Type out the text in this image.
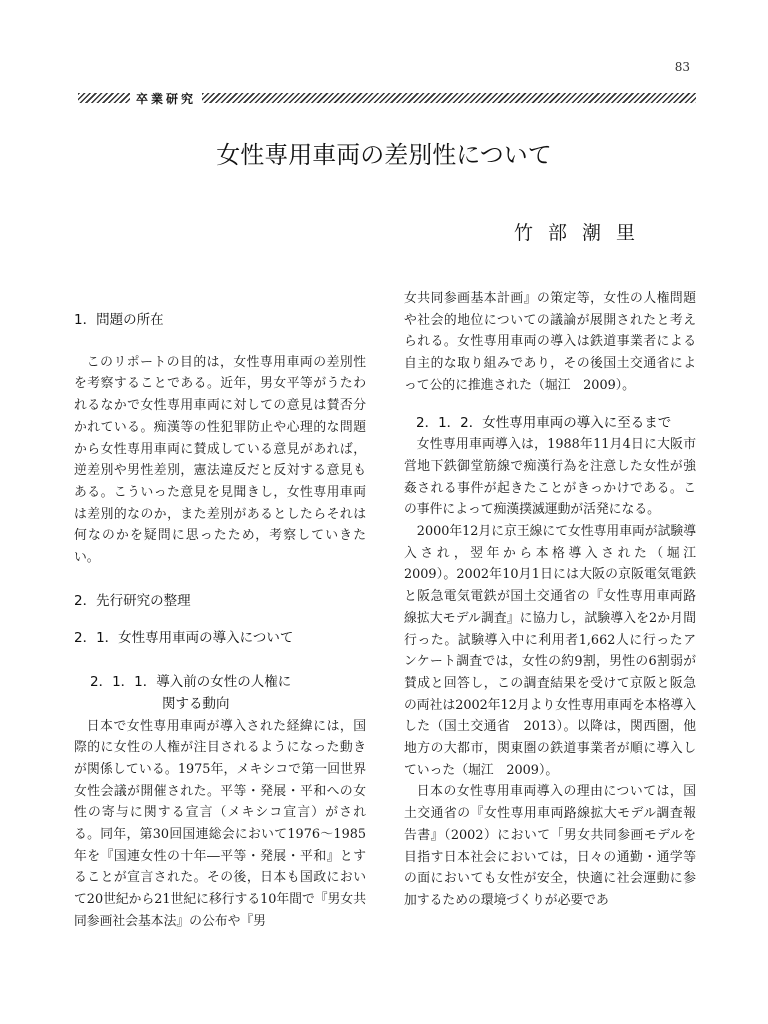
83
卒業研究
女性専用車両の差別性について
竹部潮里
1．問題の所在

このリポートの目的は，女性専用車両の差別性を考察することである。近年，男女平等がうたわれるなかで女性専用車両に対しての意見は賛否分かれている。痴漢等の性犯罪防止や心理的な問題から女性専用車両に賛成している意見があれば，逆差別や男性差別，憲法違反だと反対する意見もある。こういった意見を見聞きし，女性専用車両は差別的なのか，また差別があるとしたらそれは何なのかを疑問に思ったため，考察していきたい。

2．先行研究の整理
2．1．女性専用車両の導入について
2．1．1．導入前の女性の人権に
関する動向

日本で女性専用車両が導入された経緯には，国際的に女性の人権が注目されるようになった動きが関係している。1975年，メキシコで第一回世界女性会議が開催された。平等・発展・平和への女性の寄与に関する宣言（メキシコ宣言）がされる。同年，第30回国連総会において1976～1985年を『国連女性の十年―平等・発展・平和』とすることが宣言された。その後，日本も国政において20世紀から21世紀に移行する10年間で『男女共同参画社会基本法』の公布や『男

女共同参画基本計画』の策定等，女性の人権問題や社会的地位についての議論が展開されたと考えられる。女性専用車両の導入は鉄道事業者による自主的な取り組みであり，その後国土交通省によって公的に推進された（堀江　2009）。

2．1．2．女性専用車両の導入に至るまで

女性専用車両導入は，1988年11月4日に大阪市営地下鉄御堂筋線で痴漢行為を注意した女性が強姦される事件が起きたことがきっかけである。この事件によって痴漢撲滅運動が活発になる。

2000年12月に京王線にて女性専用車両が試験導入され，翌年から本格導入された（堀江　2009）。2002年10月1日には大阪の京阪電気電鉄と阪急電気電鉄が国土交通省の『女性専用車両路線拡大モデル調査』に協力し，試験導入を2か月間行った。試験導入中に利用者1,662人に行ったアンケート調査では，女性の約9割，男性の6割弱が賛成と回答し，この調査結果を受けて京阪と阪急の両社は2002年12月より女性専用車両を本格導入した（国土交通省　2013）。以降は，関西圏，他地方の大都市，関東圏の鉄道事業者が順に導入していった（堀江　2009）。

日本の女性専用車両導入の理由については，国土交通省の『女性専用車両路線拡大モデル調査報告書』（2002）において「男女共同参画モデルを目指す日本社会においては，日々の通勤・通学等の面においても女性が安全，快適に社会運動に参加するための環境づくりが必要であ
